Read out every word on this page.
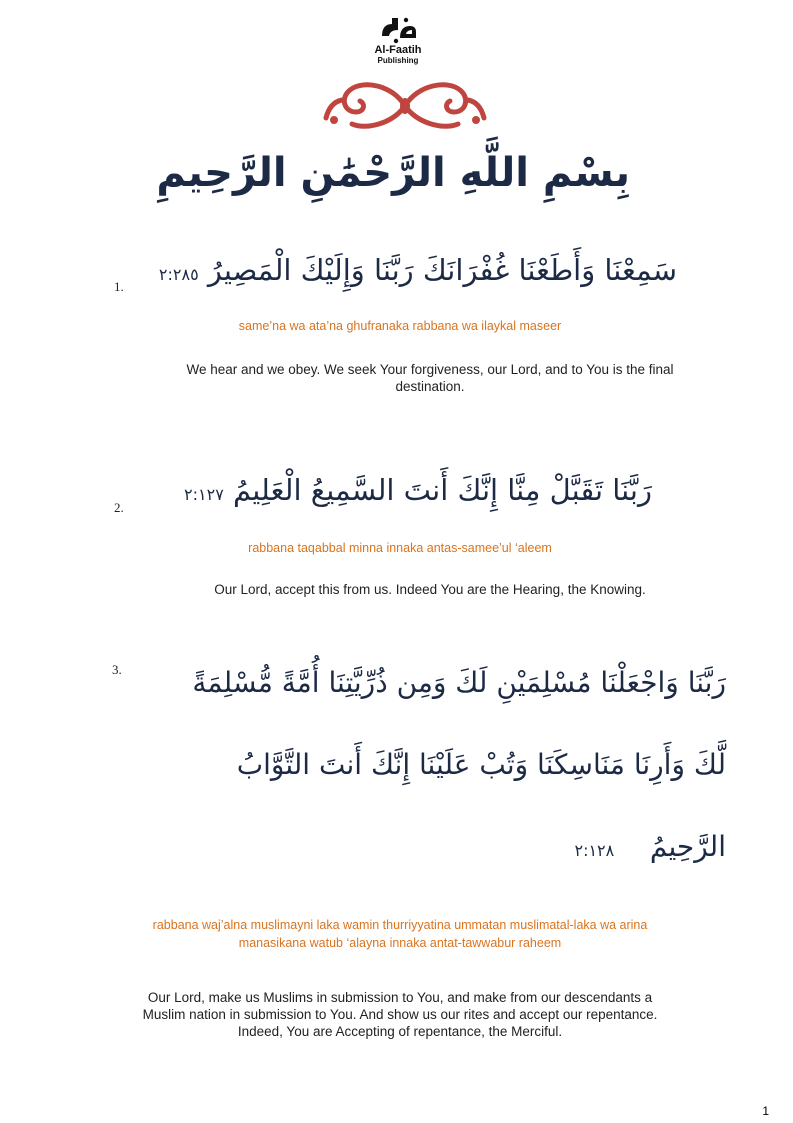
Al-Faatih
Publishing
بِسْمِ اللَّهِ الرَّحْمَٰنِ الرَّحِيمِ
1.	سَمِعْنَا وَأَطَعْنَا غُفْرَانَكَ رَبَّنَا وَإِلَيْكَ الْمَصِيرُ ٢:٢٨٥
same’na wa ata’na ghufranaka rabbana wa ilaykal maseer
We hear and we obey. We seek Your forgiveness, our Lord, and to You is the final destination.
2.
رَبَّنَا تَقَبَّلْ مِنَّا إِنَّكَ أَنتَ السَّمِيعُ الْعَلِيمُ ٢:١٢٧
rabbana taqabbal minna innaka antas-samee’ul ‘aleem
Our Lord, accept this from us. Indeed You are the Hearing, the Knowing.
3.	رَبَّنَا وَاجْعَلْنَا مُسْلِمَيْنِ لَكَ وَمِن ذُرِّيَّتِنَا أُمَّةً مُّسْلِمَةً
لَّكَ وَأَرِنَا مَنَاسِكَنَا وَتُبْ عَلَيْنَا إِنَّكَ أَنتَ التَّوَّابُ
الرَّحِيمُ    ٢:١٢٨
rabbana waj’alna muslimayni laka wamin thurriyyatina ummatan muslimatal-laka wa arina
manasikana watub ‘alayna innaka antat-tawwabur raheem
Our Lord, make us Muslims in submission to You, and make from our descendants a
Muslim nation in submission to You. And show us our rites and accept our repentance.
Indeed, You are Accepting of repentance, the Merciful.
1
